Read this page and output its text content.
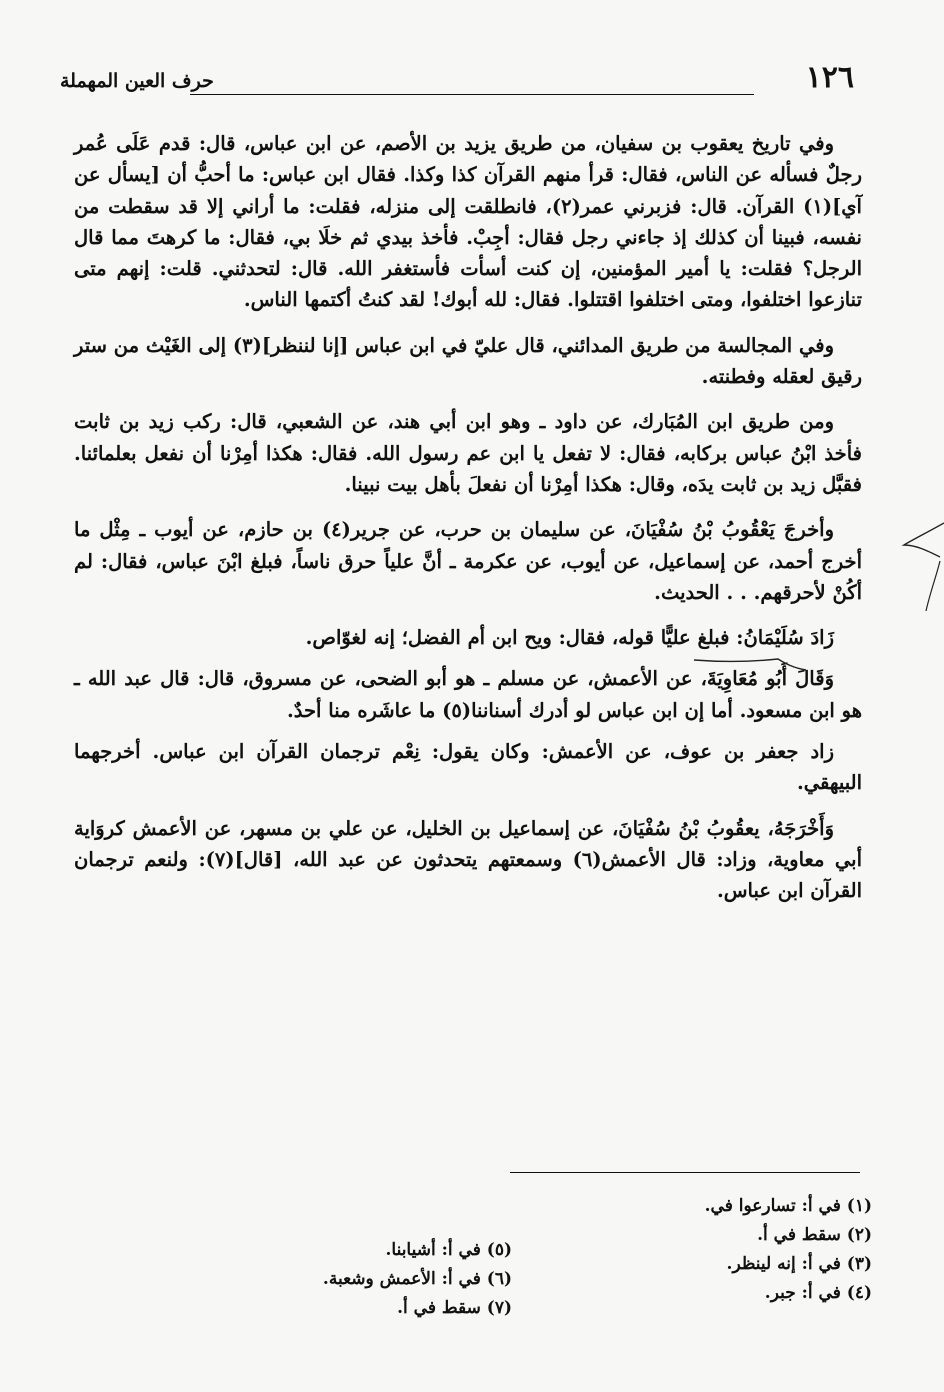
١٢٦
حرف العين المهملة

وفي تاريخ يعقوب بن سفيان، من طريق يزيد بن الأصم، عن ابن عباس، قال: قدم عَلَى عُمر رجلٌ فسأله عن الناس، فقال: قرأ منهم القرآن كذا وكذا. فقال ابن عباس: ما أحبُّ أن [يسأل عن آي](١) القرآن. قال: فزبرني عمر(٢)، فانطلقت إلى منزله، فقلت: ما أراني إلا قد سقطت من نفسه، فبينا أن كذلك إذ جاءني رجل فقال: أجِبْ. فأخذ بيدي ثم خلَا بي، فقال: ما كرهتَ مما قال الرجل؟ فقلت: يا أمير المؤمنين، إن كنت أسأت فأستغفر الله. قال: لتحدثني. قلت: إنهم متى تنازعوا اختلفوا، ومتى اختلفوا اقتتلوا. فقال: لله أبوك! لقد كنتُ أكتمها الناس.

وفي المجالسة من طريق المدائني، قال عليّ في ابن عباس [إنا لننظر](٣) إلى الغَيْث من ستر رقيق لعقله وفطنته.

ومن طريق ابن المُبَارك، عن داود ـ وهو ابن أبي هند، عن الشعبي، قال: ركب زيد بن ثابت فأخذ ابْنُ عباس بركابه، فقال: لا تفعل يا ابن عم رسول الله. فقال: هكذا أمِرْنا أن نفعل بعلمائنا. فقبَّل زيد بن ثابت يدَه، وقال: هكذا أمِرْنا أن نفعلَ بأهل بيت نبينا.

وأخرجَ يَعْقُوبُ بْنُ سُفْيَانَ، عن سليمان بن حرب، عن جرير(٤) بن حازم، عن أيوب ـ مِثْل ما أخرج أحمد، عن إسماعيل، عن أيوب، عن عكرمة ـ أنَّ علياً حرق ناساً، فبلغ ابْنَ عباس، فقال: لم أكُنْ لأحرقهم. . . الحديث.

زَادَ سُلَيْمَانُ: فبلغ عليًّا قوله، فقال: ويح ابن أم الفضل؛ إنه لغوّاص.

وَقَالَ أَبُو مُعَاوِيَةَ، عن الأعمش، عن مسلم ـ هو أبو الضحى، عن مسروق، قال: قال عبد الله ـ هو ابن مسعود. أما إن ابن عباس لو أدرك أسناننا(٥) ما عاشَره منا أحدٌ.

زاد جعفر بن عوف، عن الأعمش: وكان يقول: نِعْم ترجمان القرآن ابن عباس. أخرجهما البيهقي.

وَأَخْرَجَهُ، يعقُوبُ بْنُ سُفْيَانَ، عن إسماعيل بن الخليل، عن علي بن مسهر، عن الأعمش كروَاية أبي معاوية، وزاد: قال الأعمش(٦) وسمعتهم يتحدثون عن عبد الله، [قال](٧): ولنعم ترجمان القرآن ابن عباس.

(١) في أ: تسارعوا في.
(٢) سقط في أ.
(٣) في أ: إنه لينظر.
(٤) في أ: جبر.
(٥) في أ: أشيابنا.
(٦) في أ: الأعمش وشعبة.
(٧) سقط في أ.
